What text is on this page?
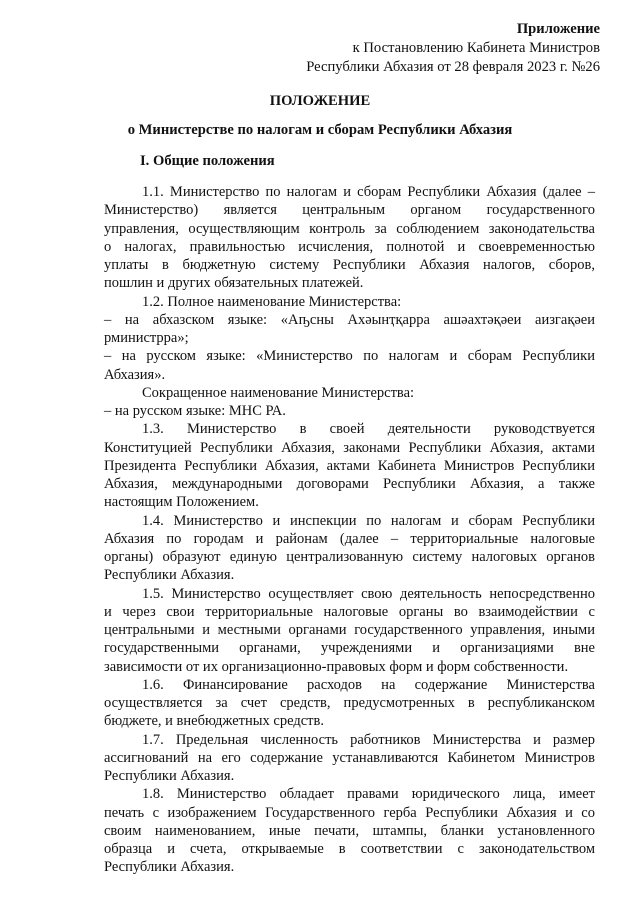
Приложение
к Постановлению Кабинета Министров
Республики Абхазия от 28 февраля 2023 г. №26
ПОЛОЖЕНИЕ
о Министерстве по налогам и сборам Республики Абхазия
I. Общие положения
1.1. Министерство по налогам и сборам Республики Абхазия (далее –
Министерство) является центральным органом государственного
управления, осуществляющим контроль за соблюдением законодательства
о налогах, правильностью исчисления, полнотой и своевременностью
уплаты в бюджетную систему Республики Абхазия налогов, сборов,
пошлин и других обязательных платежей.
1.2. Полное наименование Министерства:
– на абхазском языке: «Аҧсны Ахәынҭқарра ашәахтәқәеи аизгақәеи
рминистрра»;
– на русском языке: «Министерство по налогам и сборам Республики
Абхазия».
Сокращенное наименование Министерства:
– на русском языке: МНС РА.
1.3. Министерство в своей деятельности руководствуется
Конституцией Республики Абхазия, законами Республики Абхазия, актами
Президента Республики Абхазия, актами Кабинета Министров Республики
Абхазия, международными договорами Республики Абхазия, а также
настоящим Положением.
1.4. Министерство и инспекции по налогам и сборам Республики
Абхазия по городам и районам (далее – территориальные налоговые
органы) образуют единую централизованную систему налоговых органов
Республики Абхазия.
1.5. Министерство осуществляет свою деятельность непосредственно
и через свои территориальные налоговые органы во взаимодействии с
центральными и местными органами государственного управления, иными
государственными органами, учреждениями и организациями вне
зависимости от их организационно-правовых форм и форм собственности.
1.6. Финансирование расходов на содержание Министерства
осуществляется за счет средств, предусмотренных в республиканском
бюджете, и внебюджетных средств.
1.7. Предельная численность работников Министерства и размер
ассигнований на его содержание устанавливаются Кабинетом Министров
Республики Абхазия.
1.8. Министерство обладает правами юридического лица, имеет
печать с изображением Государственного герба Республики Абхазия и со
своим наименованием, иные печати, штампы, бланки установленного
образца и счета, открываемые в соответствии с законодательством
Республики Абхазия.
